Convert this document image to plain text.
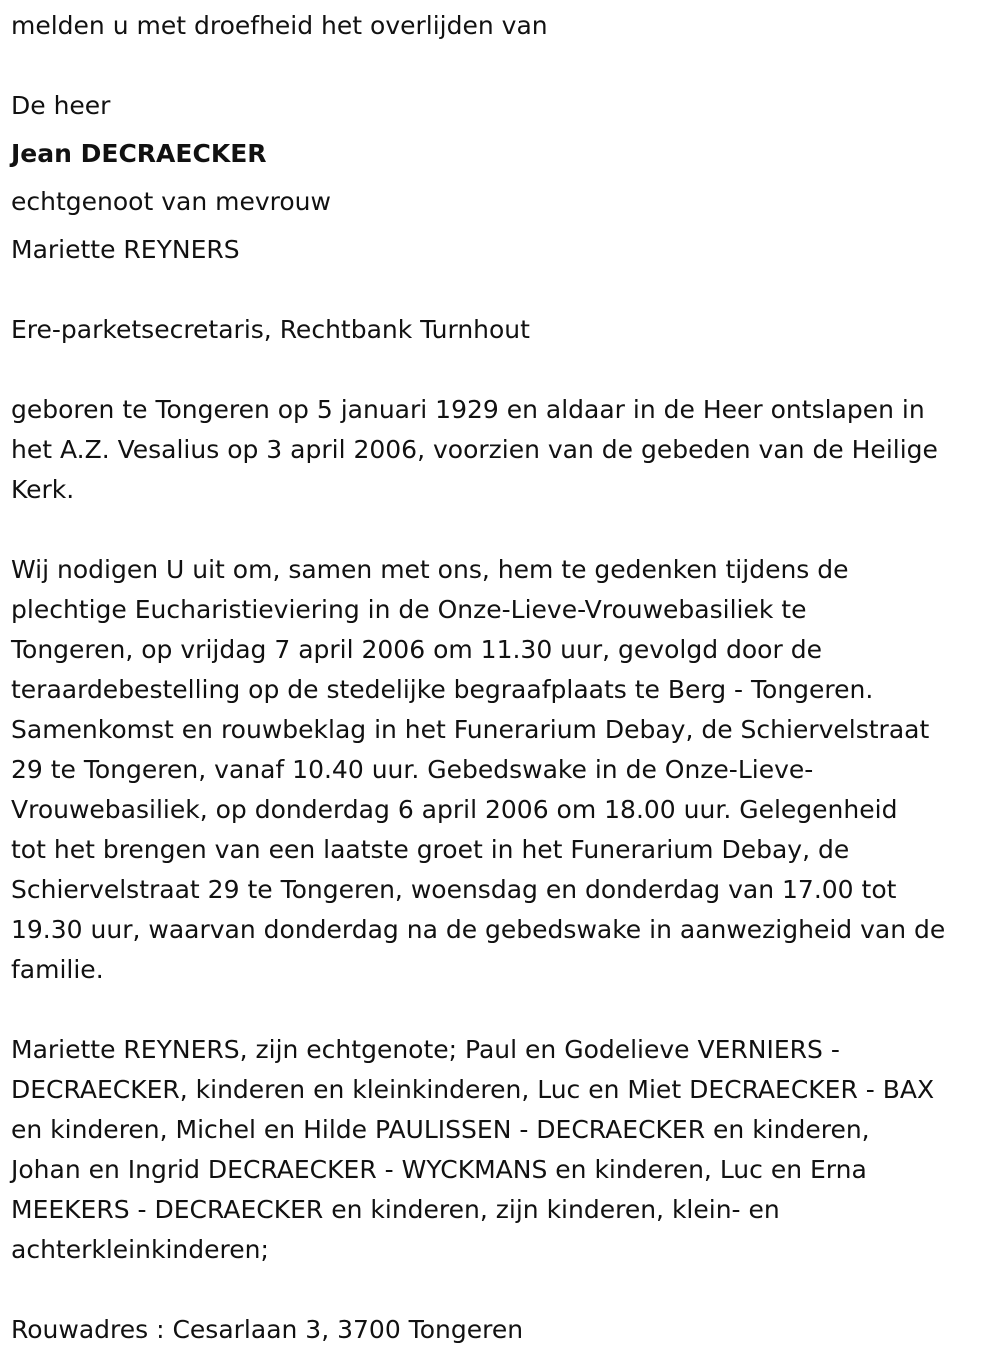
melden u met droefheid het overlijden van
De heer
Jean DECRAECKER
echtgenoot van mevrouw
Mariette REYNERS
Ere-parketsecretaris, Rechtbank Turnhout

geboren te Tongeren op 5 januari 1929 en aldaar in de Heer ontslapen in
het A.Z. Vesalius op 3 april 2006, voorzien van de gebeden van de Heilige
Kerk.

Wij nodigen U uit om, samen met ons, hem te gedenken tijdens de
plechtige Eucharistieviering in de Onze-Lieve-Vrouwebasiliek te
Tongeren, op vrijdag 7 april 2006 om 11.30 uur, gevolgd door de
teraardebestelling op de stedelijke begraafplaats te Berg - Tongeren.
Samenkomst en rouwbeklag in het Funerarium Debay, de Schiervelstraat
29 te Tongeren, vanaf 10.40 uur. Gebedswake in de Onze-Lieve-
Vrouwebasiliek, op donderdag 6 april 2006 om 18.00 uur. Gelegenheid
tot het brengen van een laatste groet in het Funerarium Debay, de
Schiervelstraat 29 te Tongeren, woensdag en donderdag van 17.00 tot
19.30 uur, waarvan donderdag na de gebedswake in aanwezigheid van de
familie.

Mariette REYNERS, zijn echtgenote; Paul en Godelieve VERNIERS -
DECRAECKER, kinderen en kleinkinderen, Luc en Miet DECRAECKER - BAX
en kinderen, Michel en Hilde PAULISSEN - DECRAECKER en kinderen,
Johan en Ingrid DECRAECKER - WYCKMANS en kinderen, Luc en Erna
MEEKERS - DECRAECKER en kinderen, zijn kinderen, klein- en
achterkleinkinderen;

Rouwadres : Cesarlaan 3, 3700 Tongeren
